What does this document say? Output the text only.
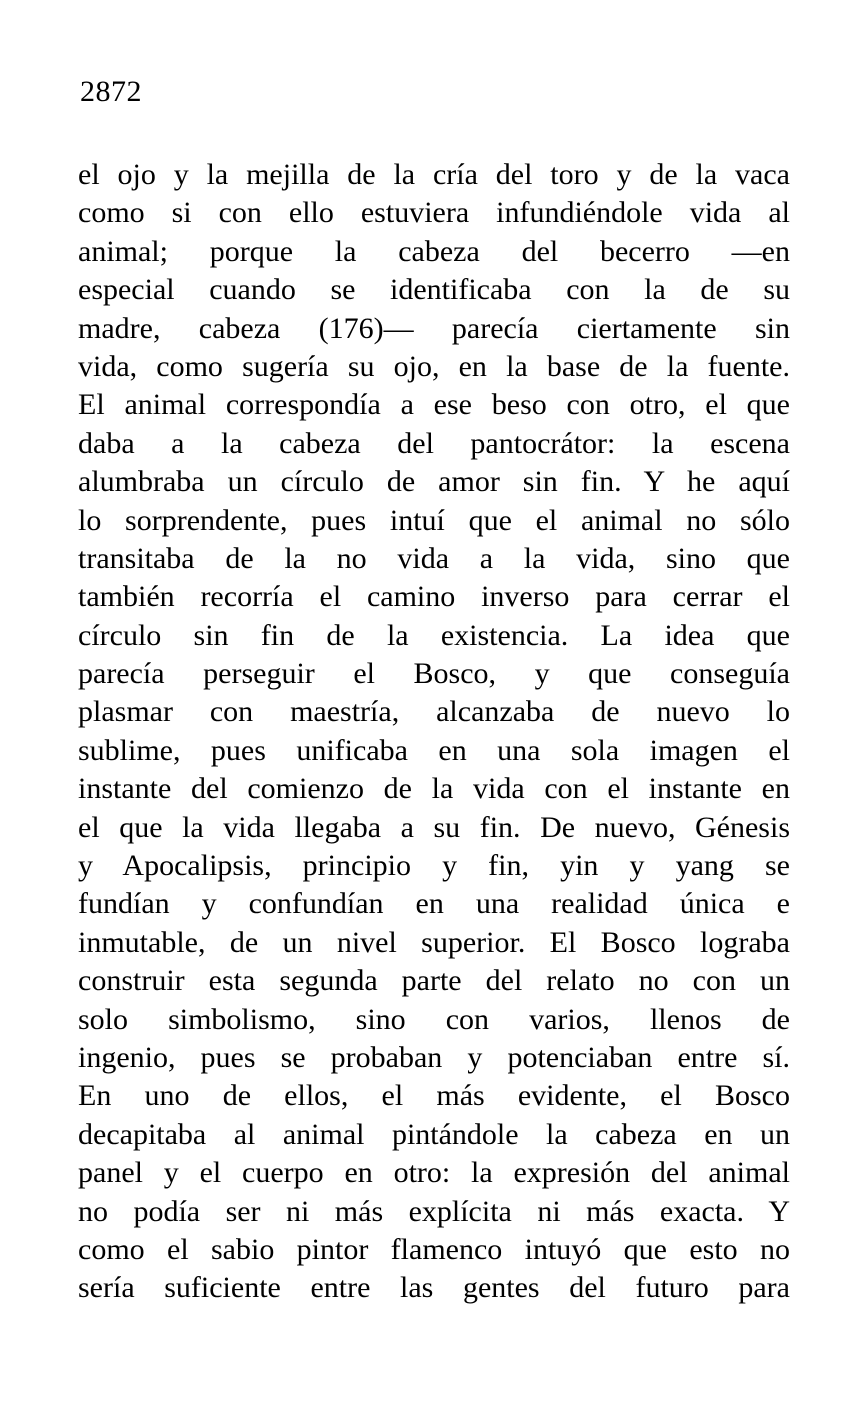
2872

el ojo y la mejilla de la cría del toro y de la vaca

como si con ello estuviera infundiéndole vida al

animal; porque la cabeza del becerro —en

especial cuando se identificaba con la de su

madre, cabeza (176)— parecía ciertamente sin

vida, como sugería su ojo, en la base de la fuente.

El animal correspondía a ese beso con otro, el que

daba a la cabeza del pantocrátor: la escena

alumbraba un círculo de amor sin fin. Y he aquí

lo sorprendente, pues intuí que el animal no sólo

transitaba de la no vida a la vida, sino que

también recorría el camino inverso para cerrar el

círculo sin fin de la existencia. La idea que

parecía perseguir el Bosco, y que conseguía

plasmar con maestría, alcanzaba de nuevo lo

sublime, pues unificaba en una sola imagen el

instante del comienzo de la vida con el instante en

el que la vida llegaba a su fin. De nuevo, Génesis

y Apocalipsis, principio y fin, yin y yang se

fundían y confundían en una realidad única e

inmutable, de un nivel superior. El Bosco lograba

construir esta segunda parte del relato no con un

solo simbolismo, sino con varios, llenos de

ingenio, pues se probaban y potenciaban entre sí.

En uno de ellos, el más evidente, el Bosco

decapitaba al animal pintándole la cabeza en un

panel y el cuerpo en otro: la expresión del animal

no podía ser ni más explícita ni más exacta. Y

como el sabio pintor flamenco intuyó que esto no

sería suficiente entre las gentes del futuro para
